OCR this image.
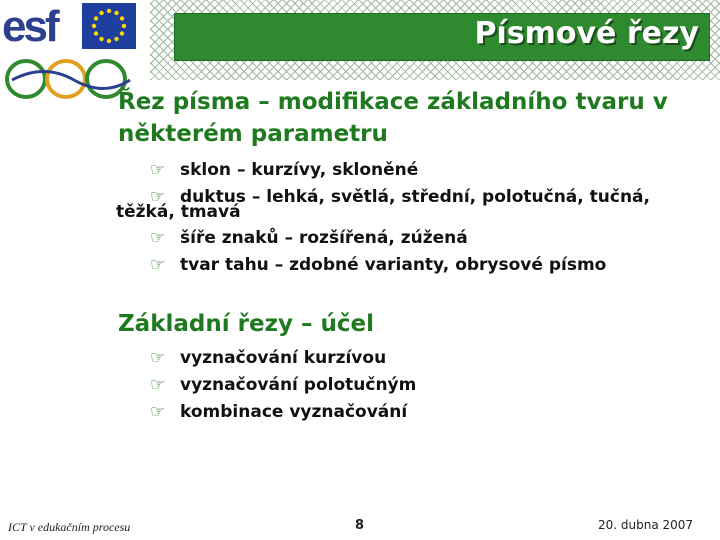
Písmové řezy
esf
Řez písma – modifikace základního tvaru v některém parametru
☞ sklon – kurzívy, skloněné
☞ duktus – lehká, světlá, střední, polotučná, tučná,
těžká, tmavá
☞ šíře znaků – rozšířená, zúžená
☞ tvar tahu – zdobné varianty, obrysové písmo
Základní řezy – účel
☞ vyznačování kurzívou
☞ vyznačování polotučným
☞ kombinace vyznačování
ICT v edukačním procesu	8	20. dubna 2007
